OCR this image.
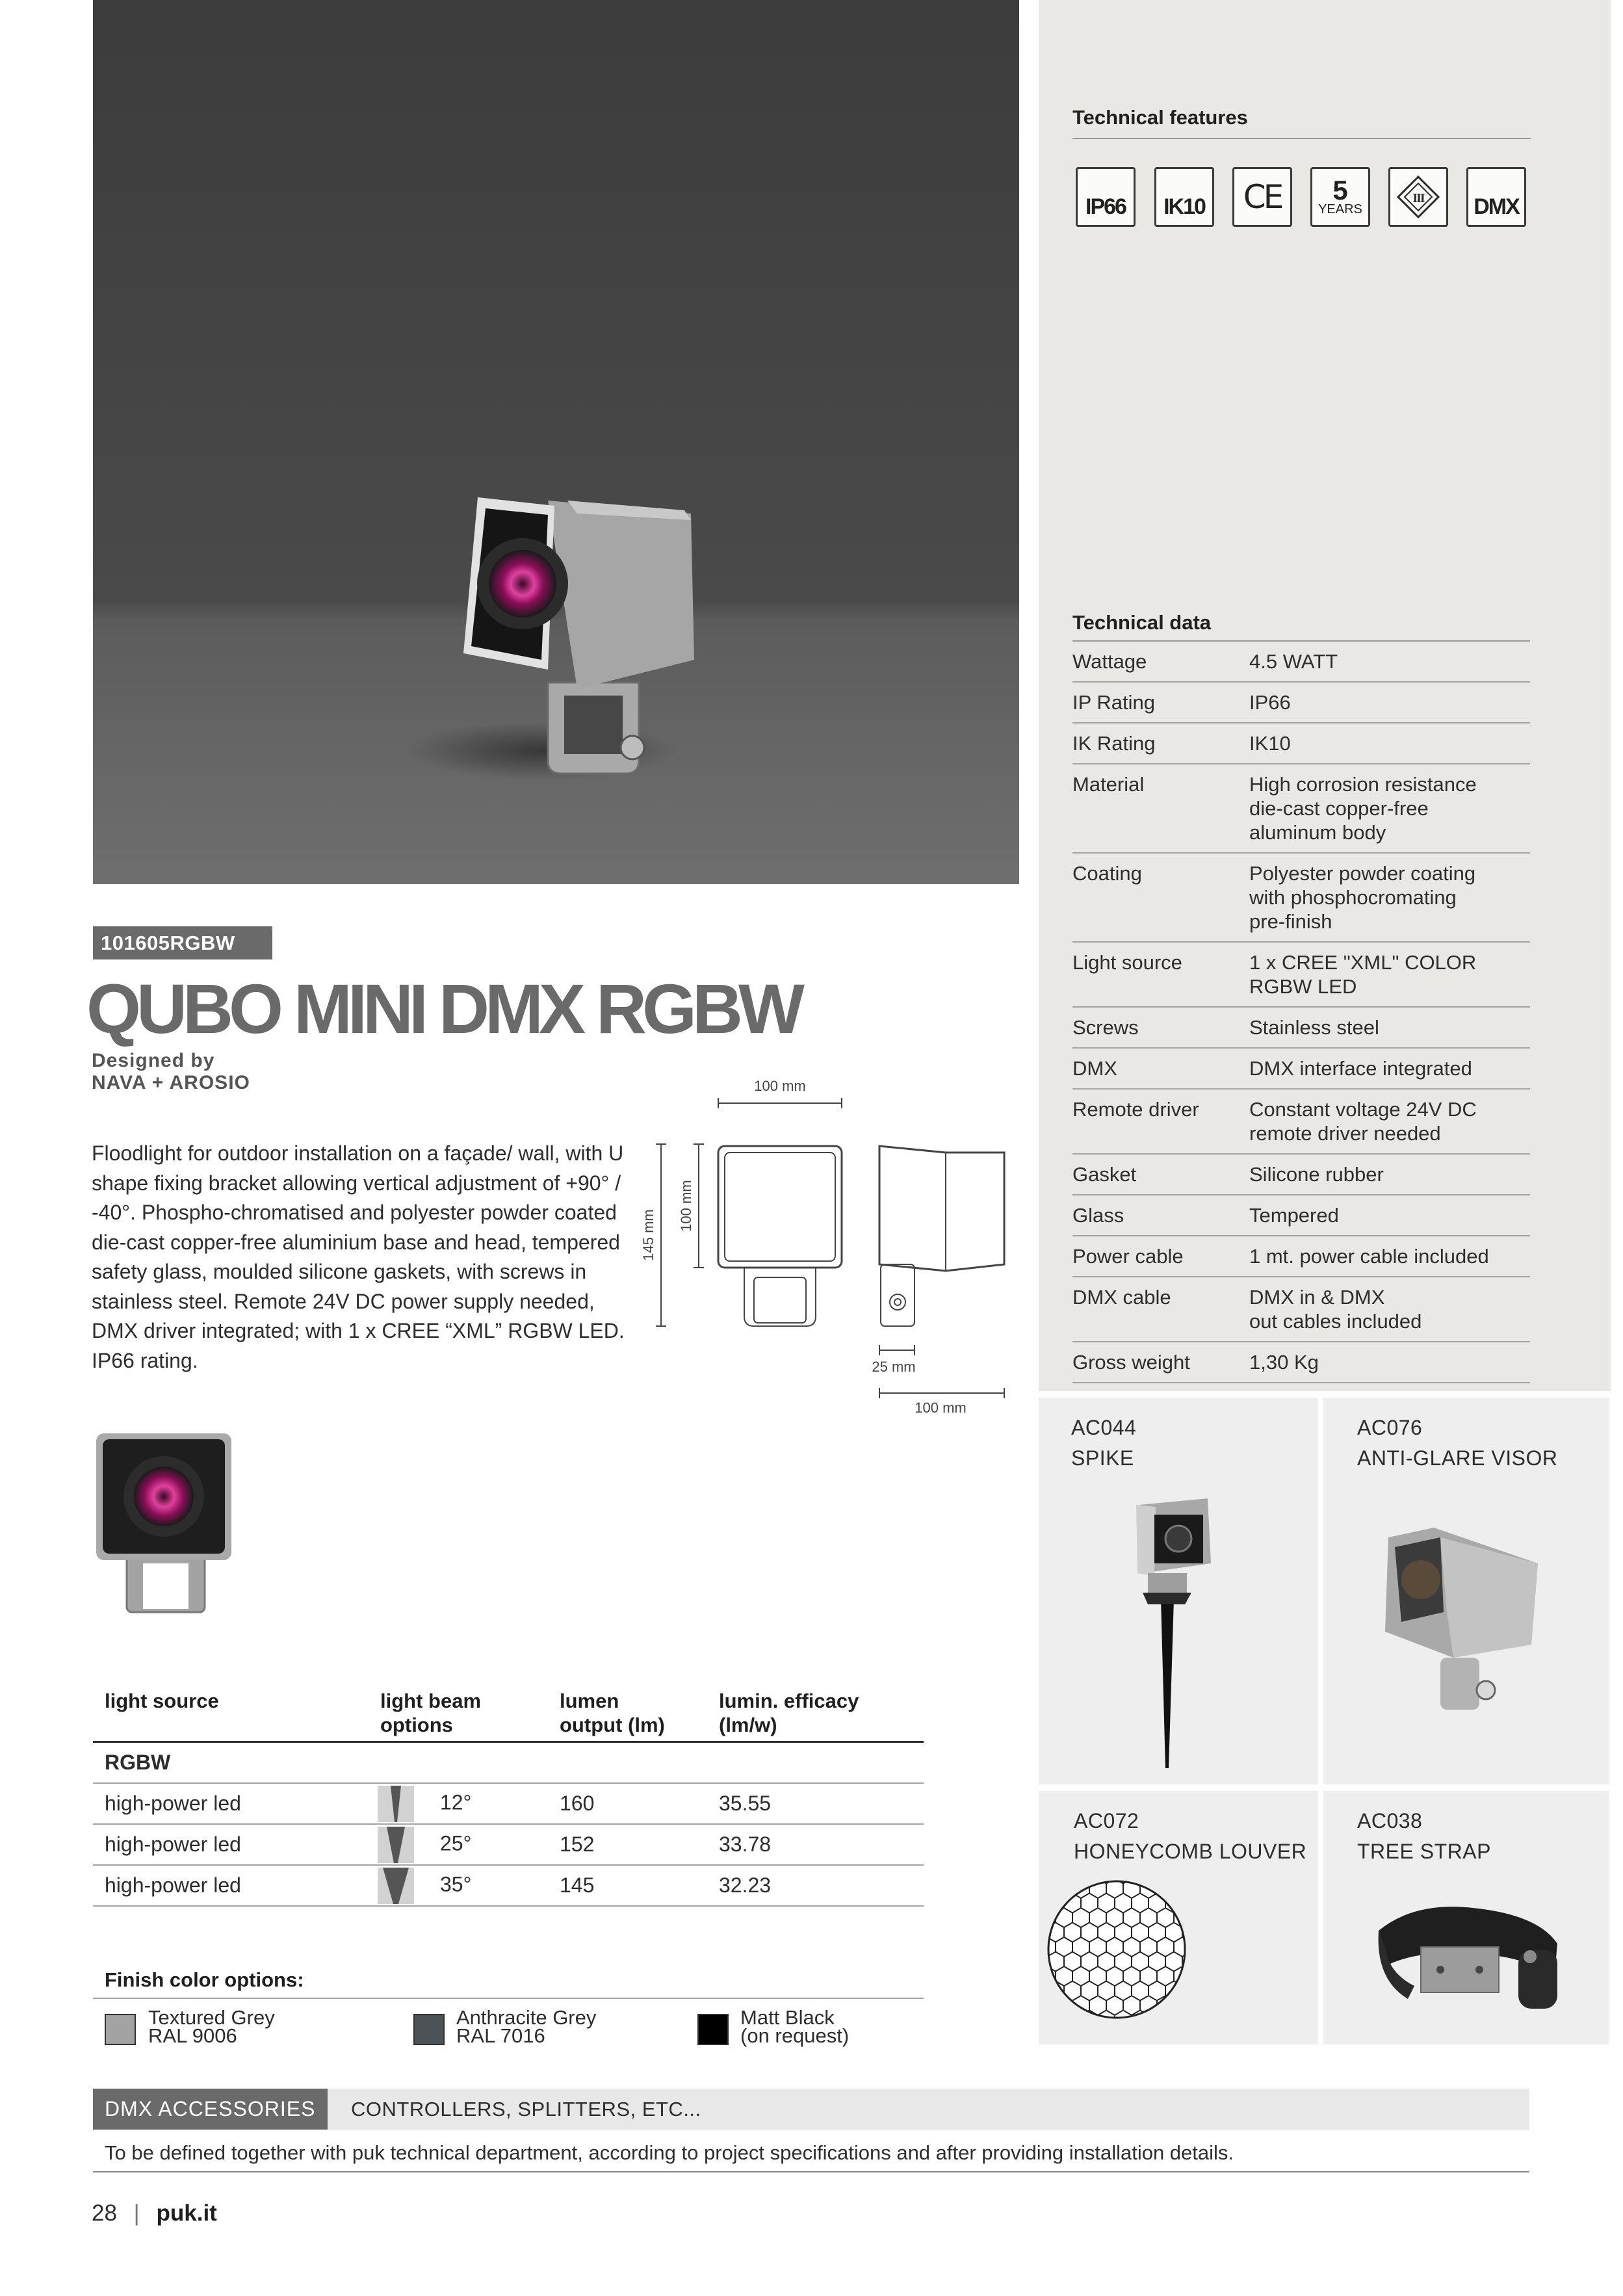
Technical features
IP66	IK10	CE	5
YEARS
III	DMX
Technical data
Wattage	4.5 WATT
IP Rating	IP66
IK Rating	IK10
Material	High corrosion resistance
die-cast copper-free
aluminum body
Coating	Polyester powder coating
with phosphocromating
pre-finish
Light source	1 x CREE "XML" COLOR
RGBW LED
Screws	Stainless steel
DMX	DMX interface integrated
Remote driver	Constant voltage 24V DC
remote driver needed
Gasket	Silicone rubber
Glass	Tempered
Power cable	1 mt. power cable included
DMX cable	DMX in & DMX
out cables included
Gross weight	1,30 Kg
AC044
SPIKE
AC076
ANTI-GLARE VISOR
AC072
HONEYCOMB LOUVER
AC038
TREE STRAP
101605RGBW
QUBO MINI DMX RGBW
Designed by
NAVA + AROSIO
Floodlight for outdoor installation on a façade/ wall, with U shape fixing bracket allowing vertical adjustment of +90° / -40°. Phospho-chromatised and polyester powder coated die-cast copper-free aluminium base and head, tempered safety glass, moulded silicone gaskets, with screws in stainless steel. Remote 24V DC power supply needed, DMX driver integrated; with 1 x CREE “XML” RGBW LED. IP66 rating.
100 mm
145 mm
100 mm
25 mm
100 mm
light source	light beam
options
lumen
output (lm)
lumin. efficacy
(lm/w)
RGBW
high-power led	12°	160	35.55
high-power led	25°	152	33.78
high-power led	35°	145	32.23
Finish color options:
Textured Grey
RAL 9006
Anthracite Grey
RAL 7016
Matt Black
(on request)
DMX ACCESSORIES	CONTROLLERS, SPLITTERS, ETC...
To be defined together with puk technical department, according to project specifications and after providing installation details.
28 | puk.it
